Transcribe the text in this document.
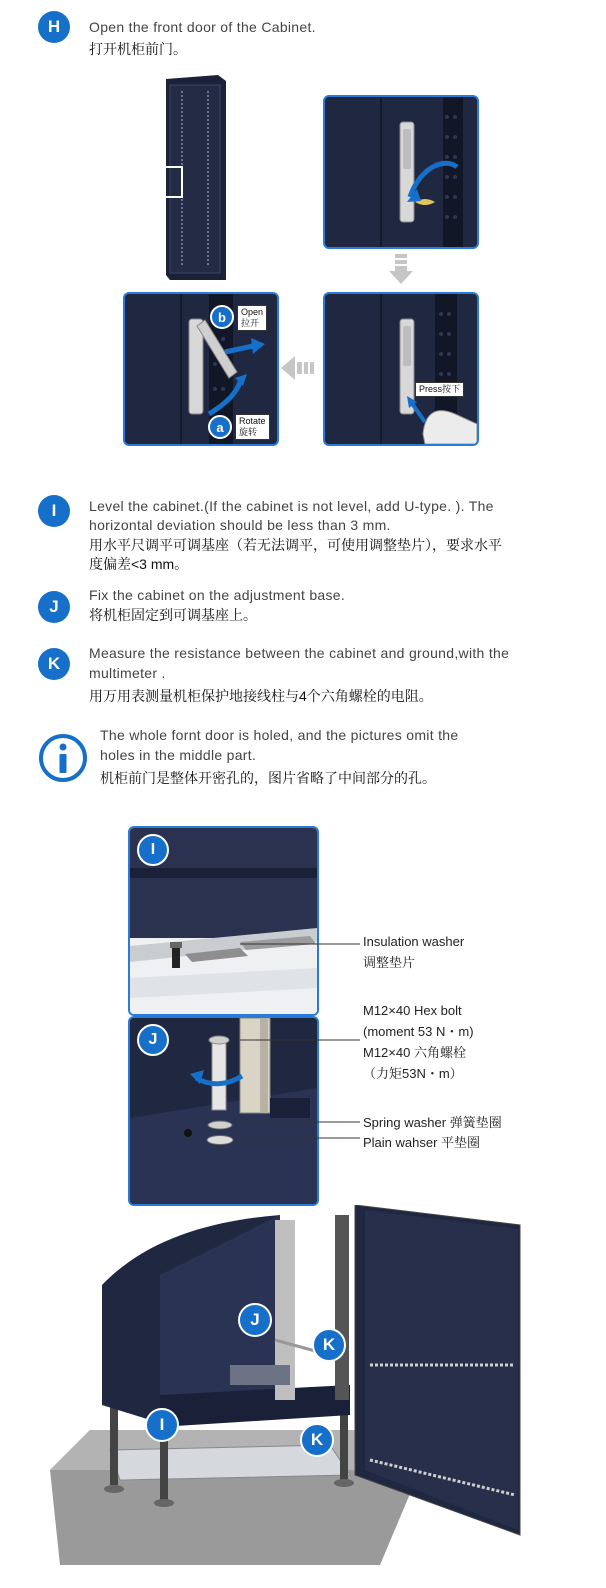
H	Open the front door of the Cabinet.
打开机柜前门。
Press按下
b	Open
拉开
a	Rotate
旋转
I	Level the cabinet.(If the cabinet is not level, add U-type. ). The
horizontal deviation should be less than 3 mm.
用水平尺调平可调基座（若无法调平，可使用调整垫片），要求水平
度偏差<3 mm。
J
Fix the cabinet on the adjustment base.
将机柜固定到可调基座上。
K
Measure the resistance between the cabinet and ground,with the
multimeter .
用万用表测量机柜保护地接线柱与4个六角螺栓的电阻。
The whole fornt door is holed, and the pictures omit the
holes in the middle part.
机柜前门是整体开密孔的，图片省略了中间部分的孔。
I
J
Insulation washer
调整垫片
M12×40 Hex bolt
(moment 53 N・m)
M12×40 六角螺栓
（力矩53N・m）
Spring washer 弹簧垫圈
Plain wahser 平垫圈
J
K
I
K
